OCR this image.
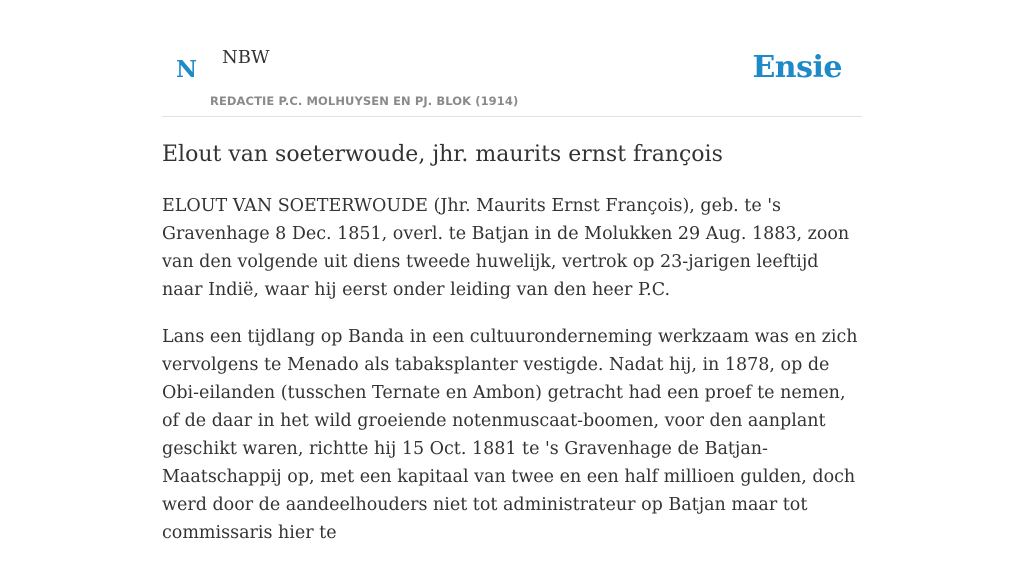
N NBW
REDACTIE P.C. MOLHUYSEN EN PJ. BLOK (1914)
Ensie
Elout van soeterwoude, jhr. maurits ernst françois

ELOUT VAN SOETERWOUDE (Jhr. Maurits Ernst François), geb. te 's Gravenhage 8 Dec. 1851, overl. te Batjan in de Molukken 29 Aug. 1883, zoon van den volgende uit diens tweede huwelijk, vertrok op 23-jarigen leeftijd naar Indië, waar hij eerst onder leiding van den heer P.C.

Lans een tijdlang op Banda in een cultuuronderneming werkzaam was en zich vervolgens te Menado als tabaksplanter vestigde. Nadat hij, in 1878, op de Obi-eilanden (tusschen Ternate en Ambon) getracht had een proef te nemen, of de daar in het wild groeiende notenmuscaat-boomen, voor den aanplant geschikt waren, richtte hij 15 Oct. 1881 te 's Gravenhage de Batjan-Maatschappij op, met een kapitaal van twee en een half millioen gulden, doch werd door de aandeelhouders niet tot administrateur op Batjan maar tot commissaris hier te
